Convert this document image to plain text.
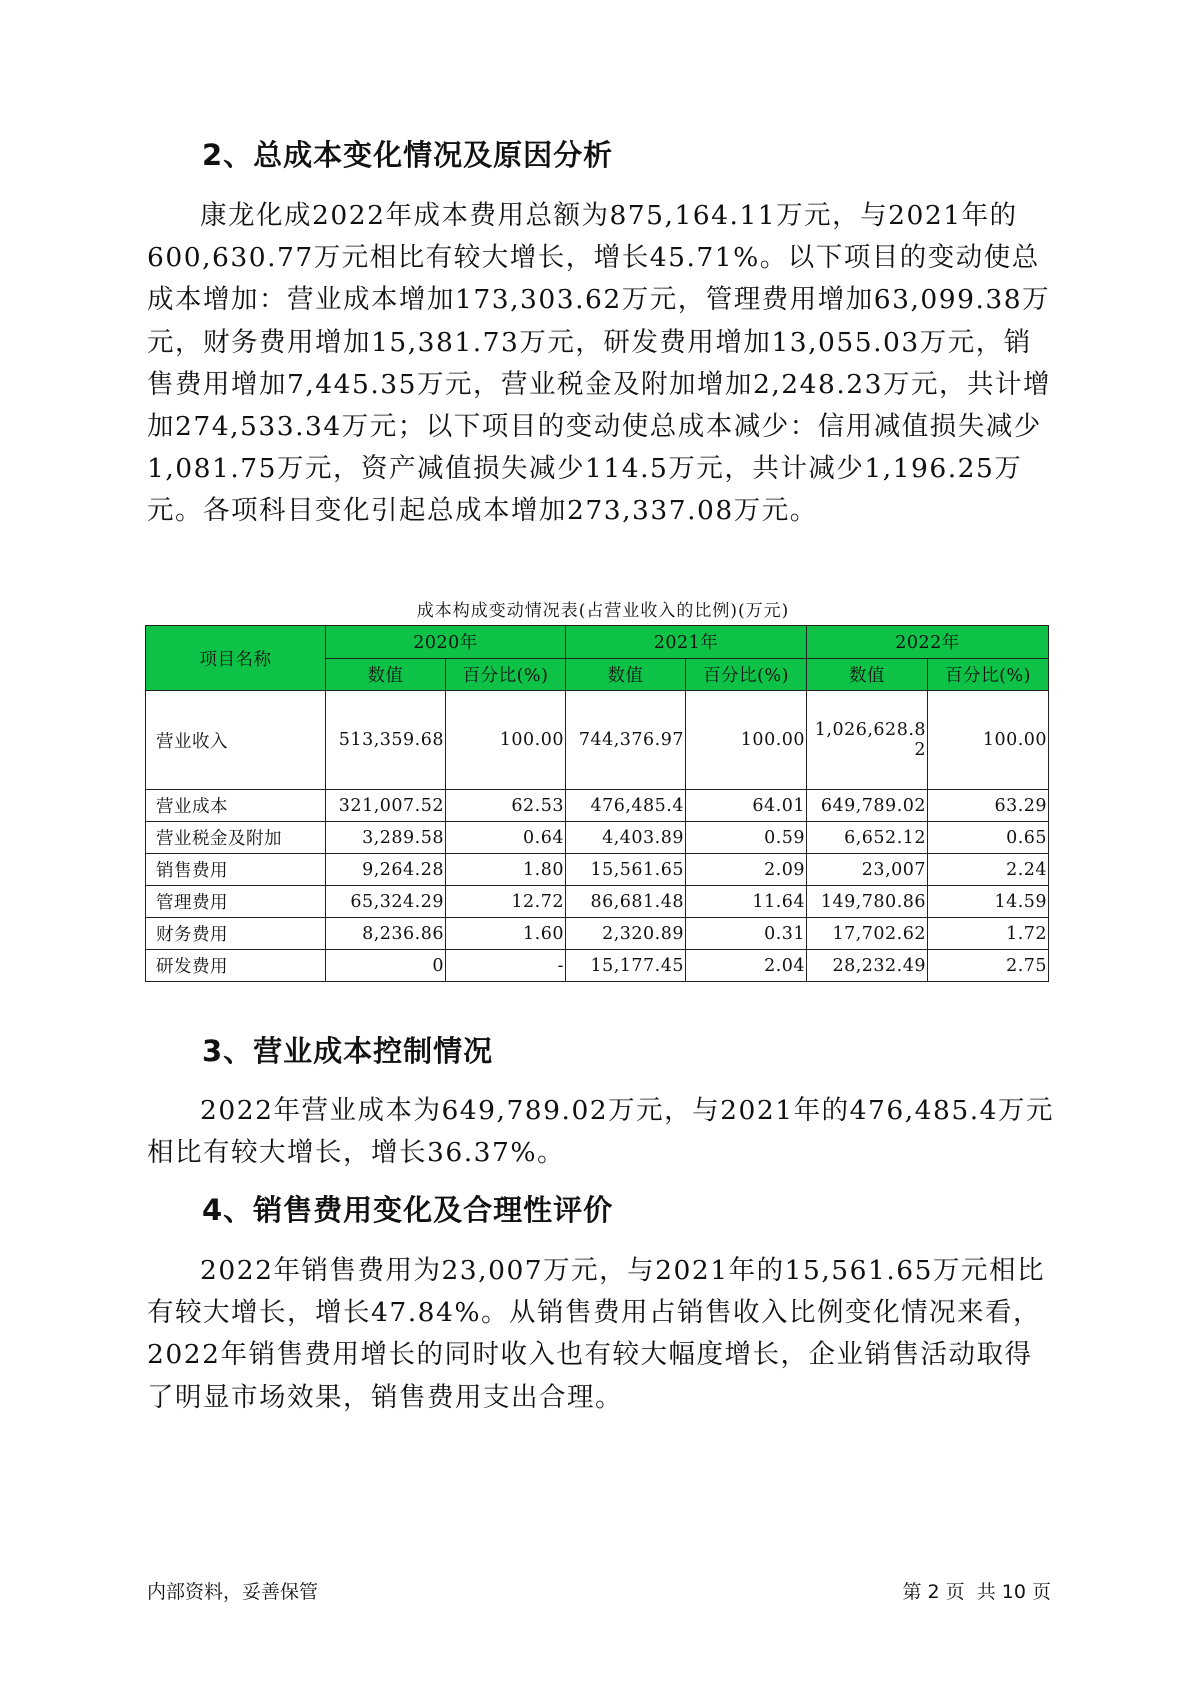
2、总成本变化情况及原因分析

康龙化成2022年成本费用总额为875,164.11万元，与2021年的600,630.77万元相比有较大增长，增长45.71%。以下项目的变动使总成本增加：营业成本增加173,303.62万元，管理费用增加63,099.38万元，财务费用增加15,381.73万元，研发费用增加13,055.03万元，销售费用增加7,445.35万元，营业税金及附加增加2,248.23万元，共计增加274,533.34万元；以下项目的变动使总成本减少：信用减值损失减少1,081.75万元，资产减值损失减少114.5万元，共计减少1,196.25万元。各项科目变化引起总成本增加273,337.08万元。

成本构成变动情况表(占营业收入的比例)(万元)

项目名称	2020年		2021年		2022年	
	数值	百分比(%)	数值	百分比(%)	数值	百分比(%)
营业收入	513,359.68	100.00	744,376.97	100.00	1,026,628.82	100.00
营业成本	321,007.52	62.53	476,485.4	64.01	649,789.02	63.29
营业税金及附加	3,289.58	0.64	4,403.89	0.59	6,652.12	0.65
销售费用	9,264.28	1.80	15,561.65	2.09	23,007	2.24
管理费用	65,324.29	12.72	86,681.48	11.64	149,780.86	14.59
财务费用	8,236.86	1.60	2,320.89	0.31	17,702.62	1.72
研发费用	0	-	15,177.45	2.04	28,232.49	2.75
3、营业成本控制情况

2022年营业成本为649,789.02万元，与2021年的476,485.4万元相比有较大增长，增长36.37%。

4、销售费用变化及合理性评价

2022年销售费用为23,007万元，与2021年的15,561.65万元相比有较大增长，增长47.84%。从销售费用占销售收入比例变化情况来看，2022年销售费用增长的同时收入也有较大幅度增长，企业销售活动取得了明显市场效果，销售费用支出合理。

内部资料，妥善保管	第 2 页  共 10 页
